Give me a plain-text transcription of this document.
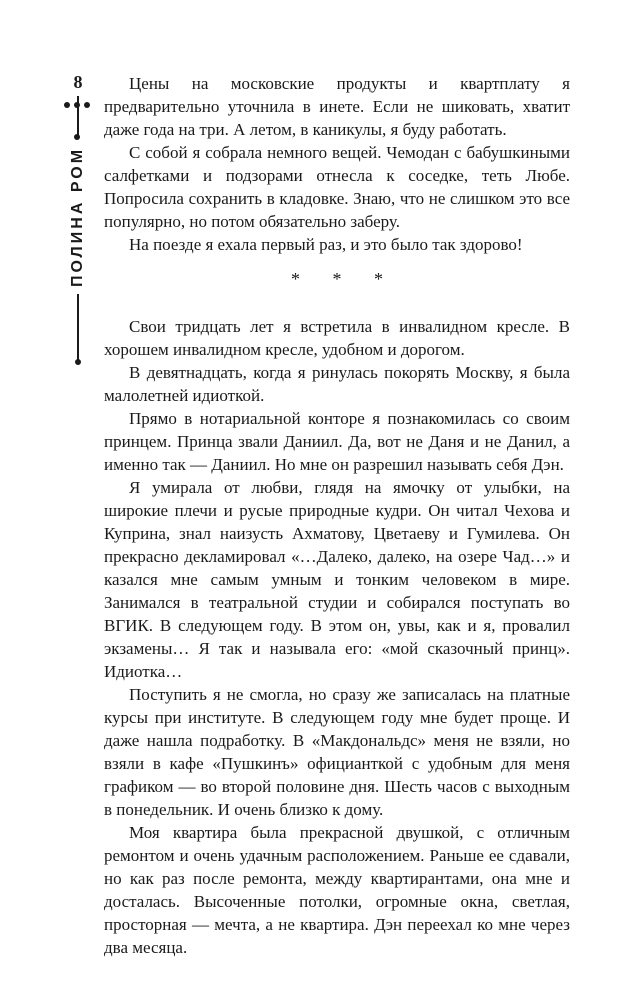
8
ПОЛИНА РОМ

Цены на московские продукты и квартплату я предварительно уточнила в инете. Если не шиковать, хватит даже года на три. А летом, в каникулы, я буду работать.

С собой я собрала немного вещей. Чемодан с бабушкиными салфетками и подзорами отнесла к соседке, теть Любе. Попросила сохранить в кладовке. Знаю, что не слишком это все популярно, но потом обязательно заберу.

На поезде я ехала первый раз, и это было так здорово!

* * *

Свои тридцать лет я встретила в инвалидном кресле. В хорошем инвалидном кресле, удобном и дорогом.

В девятнадцать, когда я ринулась покорять Москву, я была малолетней идиоткой.

Прямо в нотариальной конторе я познакомилась со своим принцем. Принца звали Даниил. Да, вот не Даня и не Данил, а именно так — Даниил. Но мне он разрешил называть себя Дэн.

Я умирала от любви, глядя на ямочку от улыбки, на широкие плечи и русые природные кудри. Он читал Чехова и Куприна, знал наизусть Ахматову, Цветаеву и Гумилева. Он прекрасно декламировал «…Далеко, далеко, на озере Чад…» и казался мне самым умным и тонким человеком в мире. Занимался в театральной студии и собирался поступать во ВГИК. В следующем году. В этом он, увы, как и я, провалил экзамены… Я так и называла его: «мой сказочный принц». Идиотка…

Поступить я не смогла, но сразу же записалась на платные курсы при институте. В следующем году мне будет проще. И даже нашла подработку. В «Макдональдс» меня не взяли, но взяли в кафе «Пушкинъ» официанткой с удобным для меня графиком — во второй половине дня. Шесть часов с выходным в понедельник. И очень близко к дому.

Моя квартира была прекрасной двушкой, с отличным ремонтом и очень удачным расположением. Раньше ее сдавали, но как раз после ремонта, между квартирантами, она мне и досталась. Высоченные потолки, огромные окна, светлая, просторная — мечта, а не квартира. Дэн переехал ко мне через два месяца.
